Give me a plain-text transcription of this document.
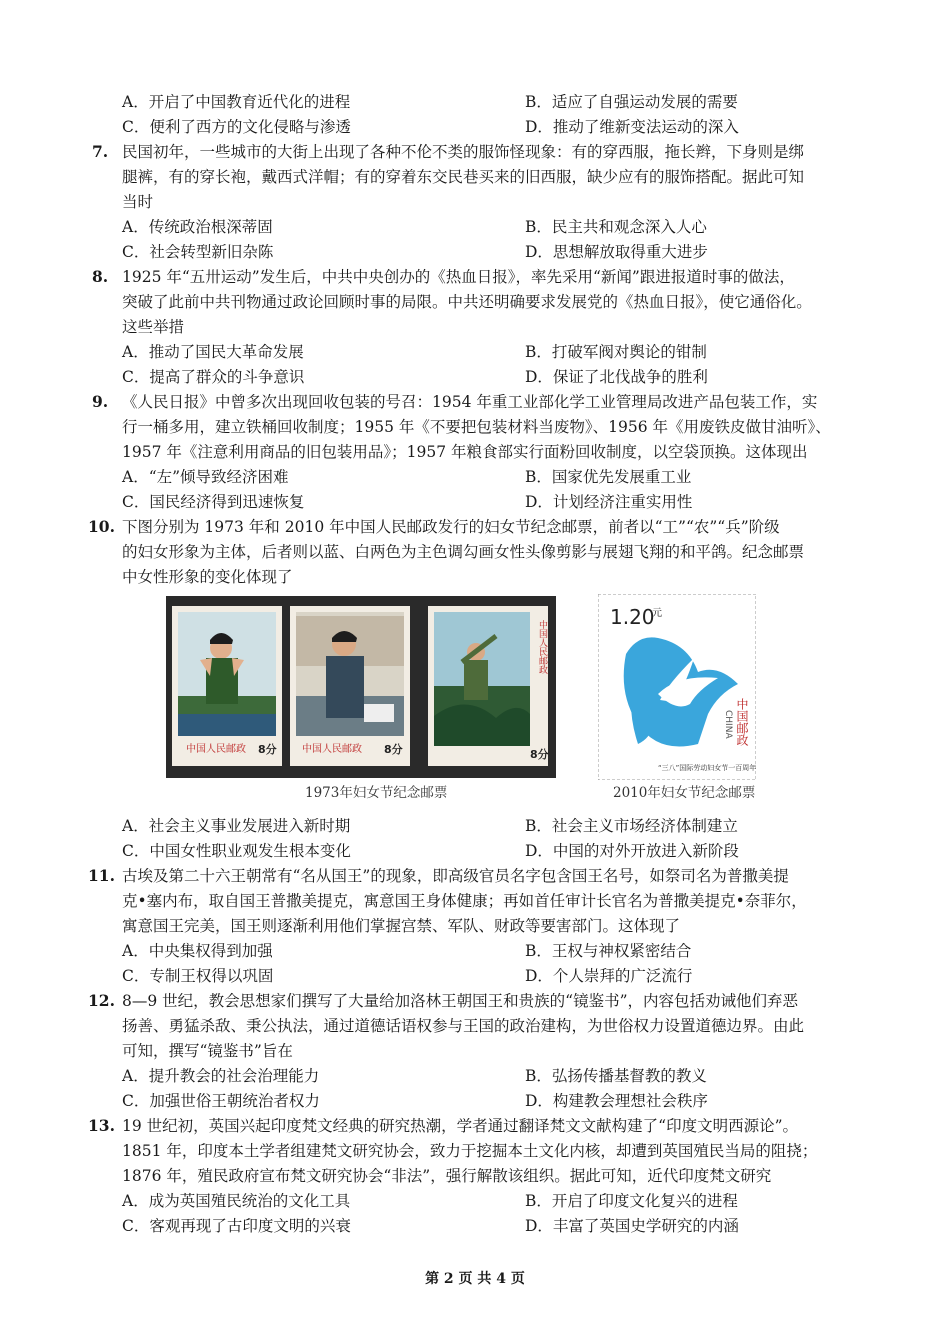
A．开启了中国教育近代化的进程	B．适应了自强运动发展的需要
C．便利了西方的文化侵略与渗透	D．推动了维新变法运动的深入
7. 民国初年，一些城市的大街上出现了各种不伦不类的服饰怪现象：有的穿西服，拖长辫，下身则是绑
腿裤，有的穿长袍，戴西式洋帽；有的穿着东交民巷买来的旧西服，缺少应有的服饰搭配。据此可知
当时
A．传统政治根深蒂固	B．民主共和观念深入人心
C．社会转型新旧杂陈	D．思想解放取得重大进步
8. 1925 年“五卅运动”发生后，中共中央创办的《热血日报》，率先采用“新闻”跟进报道时事的做法，
突破了此前中共刊物通过政论回顾时事的局限。中共还明确要求发展党的《热血日报》，使它通俗化。
这些举措
A．推动了国民大革命发展	B．打破军阀对舆论的钳制
C．提高了群众的斗争意识	D．保证了北伐战争的胜利
9. 《人民日报》中曾多次出现回收包装的号召：1954 年重工业部化学工业管理局改进产品包装工作，实
行一桶多用，建立铁桶回收制度；1955 年《不要把包装材料当废物》、1956 年《用废铁皮做甘油听》、
1957 年《注意利用商品的旧包装用品》；1957 年粮食部实行面粉回收制度，以空袋顶换。这体现出
A．“左”倾导致经济困难	B．国家优先发展重工业
C．国民经济得到迅速恢复	D．计划经济注重实用性
10. 下图分别为 1973 年和 2010 年中国人民邮政发行的妇女节纪念邮票，前者以“工”“农”“兵”阶级
的妇女形象为主体，后者则以蓝、白两色为主色调勾画女性头像剪影与展翅飞翔的和平鸽。纪念邮票
中女性形象的变化体现了
中国人民邮政 8分	中国人民邮政 8分
中国人民邮政
8分
1.20
元
中国邮政
CHINA
“三八”国际劳动妇女节一百周年
1973年妇女节纪念邮票	2010年妇女节纪念邮票
A．社会主义事业发展进入新时期	B．社会主义市场经济体制建立
C．中国女性职业观发生根本变化	D．中国的对外开放进入新阶段
11. 古埃及第二十六王朝常有“名从国王”的现象，即高级官员名字包含国王名号，如祭司名为普撒美提
克•塞内布，取自国王普撒美提克，寓意国王身体健康；再如首任审计长官名为普撒美提克•奈菲尔，
寓意国王完美，国王则逐渐利用他们掌握宫禁、军队、财政等要害部门。这体现了
A．中央集权得到加强	B．王权与神权紧密结合
C．专制王权得以巩固	D．个人崇拜的广泛流行
12. 8—9 世纪，教会思想家们撰写了大量给加洛林王朝国王和贵族的“镜鉴书”，内容包括劝诫他们弃恶
扬善、勇猛杀敌、秉公执法，通过道德话语权参与王国的政治建构，为世俗权力设置道德边界。由此
可知，撰写“镜鉴书”旨在
A．提升教会的社会治理能力	B．弘扬传播基督教的教义
C．加强世俗王朝统治者权力	D．构建教会理想社会秩序
13. 19 世纪初，英国兴起印度梵文经典的研究热潮，学者通过翻译梵文文献构建了“印度文明西源论”。
1851 年，印度本土学者组建梵文研究协会，致力于挖掘本土文化内核，却遭到英国殖民当局的阻挠；
1876 年，殖民政府宣布梵文研究协会“非法”，强行解散该组织。据此可知，近代印度梵文研究
A．成为英国殖民统治的文化工具	B．开启了印度文化复兴的进程
C．客观再现了古印度文明的兴衰	D．丰富了英国史学研究的内涵
第 2 页 共 4 页
